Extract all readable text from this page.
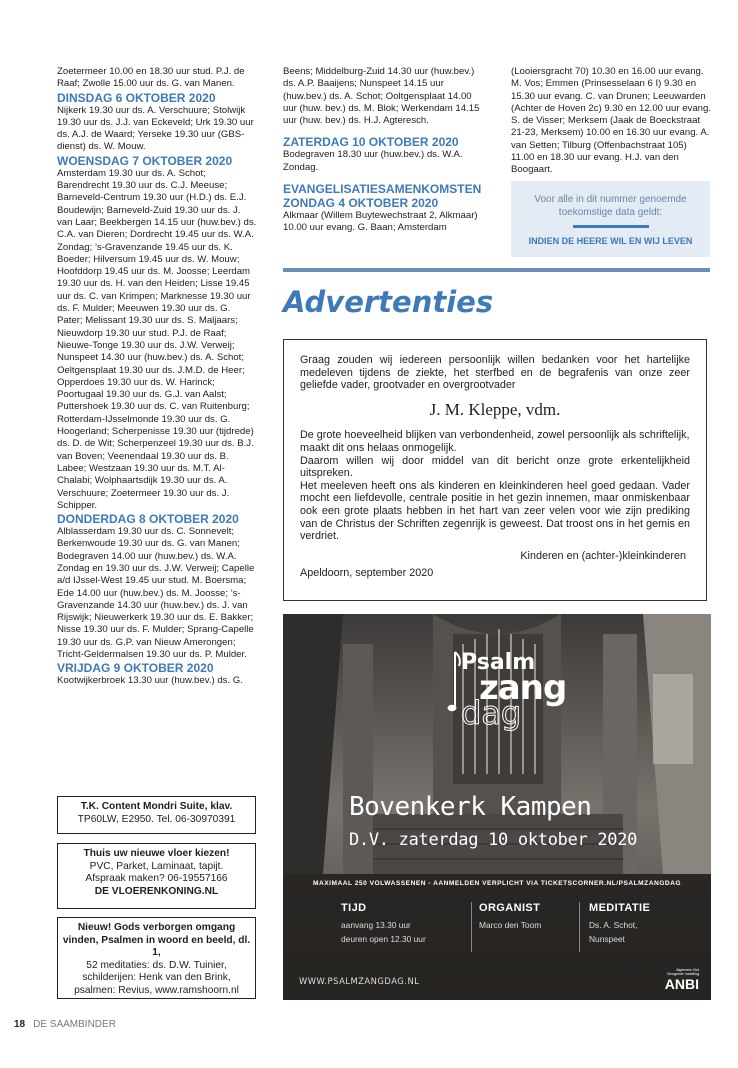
Zoetermeer 10.00 en 18.30 uur stud. P.J. de Raaf; Zwolle 15.00 uur ds. G. van Manen.

DINSDAG 6 OKTOBER 2020

Nijkerk 19.30 uur ds. A. Verschuure; Stolwijk 19.30 uur ds. J.J. van Eckeveld; Urk 19.30 uur ds. A.J. de Waard; Yerseke 19.30 uur (GBS-dienst) ds. W. Mouw.

WOENSDAG 7 OKTOBER 2020

Amsterdam 19.30 uur ds. A. Schot; Barendrecht 19.30 uur ds. C.J. Meeuse; Barneveld-Centrum 19.30 uur (H.D.) ds. E.J. Boudewijn; Barneveld-Zuid 19.30 uur ds. J. van Laar; Beekbergen 14.15 uur (huw.bev.) ds. C.A. van Dieren; Dordrecht 19.45 uur ds. W.A. Zondag; ’s-Gravenzande 19.45 uur ds. K. Boeder; Hilversum 19.45 uur ds. W. Mouw; Hoofddorp 19.45 uur ds. M. Joosse; Leerdam 19.30 uur ds. H. van den Heiden; Lisse 19.45 uur ds. C. van Krimpen; Marknesse 19.30 uur ds. F. Mulder; Meeuwen 19.30 uur ds. G. Pater; Melissant 19.30 uur ds. S. Maljaars; Nieuwdorp 19.30 uur stud. P.J. de Raaf; Nieuwe-Tonge 19.30 uur ds. J.W. Verweij; Nunspeet 14.30 uur (huw.bev.) ds. A. Schot; Oeltgensplaat 19.30 uur ds. J.M.D. de Heer; Opperdoes 19.30 uur ds. W. Harinck; Poortugaal 19.30 uur ds. G.J. van Aalst; Puttershoek 19.30 uur ds. C. van Ruitenburg; Rotterdam-IJsselmonde 19.30 uur ds. G. Hoogerland; Scherpenisse 19.30 uur (tijdrede) ds. D. de Wit; Scherpenzeel 19.30 uur ds. B.J. van Boven; Veenendaal 19.30 uur ds. B. Labee; Westzaan 19.30 uur ds. M.T. Al-Chalabi; Wolphaartsdijk 19.30 uur ds. A. Verschuure; Zoetermeer 19.30 uur ds. J. Schipper.

DONDERDAG 8 OKTOBER 2020

Alblasserdam 19.30 uur ds. C. Sonnevelt; Berkenwoude 19.30 uur ds. G. van Manen; Bodegraven 14.00 uur (huw.bev.) ds. W.A. Zondag en 19.30 uur ds. J.W. Verweij; Capelle a/d IJssel-West 19.45 uur stud. M. Boersma; Ede 14.00 uur (huw.bev.) ds. M. Joosse; ’s-Gravenzande 14.30 uur (huw.bev.) ds. J. van Rijswijk; Nieuwerkerk 19.30 uur ds. E. Bakker; Nisse 19.30 uur ds. F. Mulder; Sprang-Capelle 19.30 uur ds. G.P. van Nieuw Amerongen; Tricht-Geldermalsen 19.30 uur ds. P. Mulder.

VRIJDAG 9 OKTOBER 2020

Kootwijkerbroek 13.30 uur (huw.bev.) ds. G.

Beens; Middelburg-Zuid 14.30 uur (huw.bev.) ds. A.P. Baaijens; Nunspeet 14.15 uur (huw.bev.) ds. A. Schot; Ooltgensplaat 14.00 uur (huw. bev.) ds. M. Blok; Werkendam 14.15 uur (huw. bev.) ds. H.J. Agteresch.

ZATERDAG 10 OKTOBER 2020

Bodegraven 18.30 uur (huw.bev.) ds. W.A. Zondag.

EVANGELISATIESAMENKOMSTEN ZONDAG 4 OKTOBER 2020

Alkmaar (Willem Buytewechstraat 2, Alkmaar) 10.00 uur evang. G. Baan; Amsterdam

(Looiersgracht 70) 10.30 en 16.00 uur evang. M. Vos; Emmen (Prinsesselaan 6 I) 9.30 en 15.30 uur evang. C. van Drunen; Leeuwarden (Achter de Hoven 2c) 9.30 en 12.00 uur evang. S. de Visser; Merksem (Jaak de Boeckstraat 21-23, Merksem) 10.00 en 16.30 uur evang. A. van Setten; Tilburg (Offenbachstraat 105) 11.00 en 18.30 uur evang. H.J. van den Boogaart.

Voor alle in dit nummer genoemde toekomstige data geldt:
INDIEN DE HEERE WIL EN WIJ LEVEN
Advertenties

Graag zouden wij iedereen persoonlijk willen bedanken voor het hartelijke medeleven tijdens de ziekte, het sterfbed en de begrafenis van onze zeer geliefde vader, grootvader en overgrootvader

J. M. Kleppe, vdm.

De grote hoeveelheid blijken van verbondenheid, zowel persoonlijk als schriftelijk, maakt dit ons helaas onmogelijk.

Daarom willen wij door middel van dit bericht onze grote erkentelijkheid uitspreken.

Het meeleven heeft ons als kinderen en kleinkinderen heel goed gedaan. Vader mocht een liefdevolle, centrale positie in het gezin innemen, maar onmiskenbaar ook een grote plaats hebben in het hart van zeer velen voor wie zijn prediking van de Christus der Schriften zegenrijk is geweest. Dat troost ons in het gemis en verdriet.

Kinderen en (achter-)kleinkinderen

Apeldoorn, september 2020

Psalm
zang
dag
Bovenkerk Kampen
D.V. zaterdag 10 oktober 2020
MAXIMAAL 250 VOLWASSENEN - AANMELDEN VERPLICHT VIA TICKETSCORNER.NL/PSALMZANGDAG
TIJD
aanvang 13.30 uur
deuren open 12.30 uur
ORGANIST
Marco den Toom
MEDITATIE
Ds. A. Schot,
Nunspeet
WWW.PSALMZANGDAG.NL
Algemeen Nut
Beogende Instelling
ANBI
T.K. Content Mondri Suite, klav.
TP60LW, E2950. Tel. 06-30970391
Thuis uw nieuwe vloer kiezen!
PVC, Parket, Laminaat, tapijt.
Afspraak maken? 06-19557166
DE VLOERENKONING.NL
Nieuw! Gods verborgen omgang vinden, Psalmen in woord en beeld, dl. 1,
52 meditaties: ds. D.W. Tuinier, schilderijen: Henk van den Brink, psalmen: Revius, www.ramshoorn.nl
18 DE SAAMBINDER
